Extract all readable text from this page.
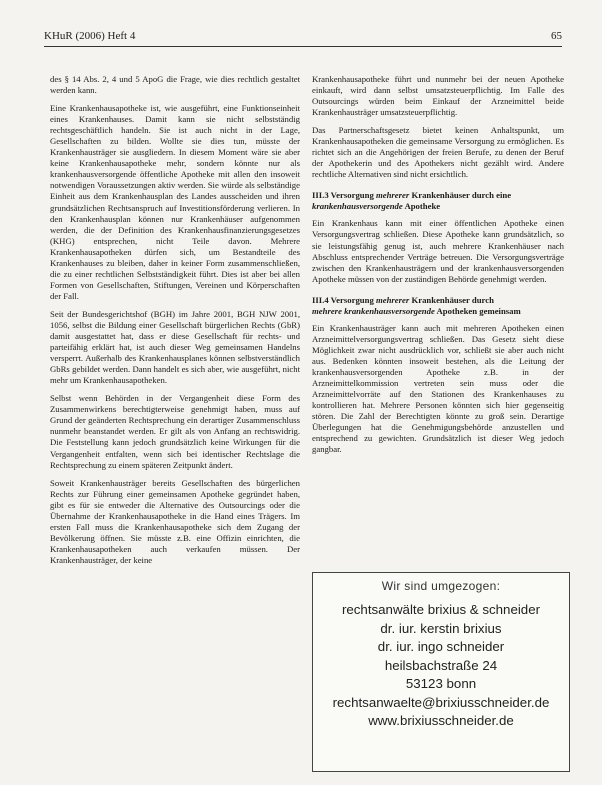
KHuR (2006) Heft 4	65

des § 14 Abs. 2, 4 und 5 ApoG die Frage, wie dies rechtlich gestaltet werden kann.

Eine Krankenhausapotheke ist, wie ausgeführt, eine Funktionseinheit eines Krankenhauses. Damit kann sie nicht selbstständig rechtsgeschäftlich handeln. Sie ist auch nicht in der Lage, Gesellschaften zu bilden. Wollte sie dies tun, müsste der Krankenhausträger sie ausgliedern. In diesem Moment wäre sie aber keine Krankenhausapotheke mehr, sondern könnte nur als krankenhausversorgende öffentliche Apotheke mit allen den insoweit notwendigen Voraussetzungen aktiv werden. Sie würde als selbständige Einheit aus dem Krankenhausplan des Landes ausscheiden und ihren grundsätzlichen Rechtsanspruch auf Investitionsförderung verlieren. In den Krankenhausplan können nur Krankenhäuser aufgenommen werden, die der Definition des Krankenhausfinanzierungsgesetzes (KHG) entsprechen, nicht Teile davon. Mehrere Krankenhausapotheken dürfen sich, um Bestandteile des Krankenhauses zu bleiben, daher in keiner Form zusammenschließen, die zu einer rechtlichen Selbstständigkeit führt. Dies ist aber bei allen Formen von Gesellschaften, Stiftungen, Vereinen und Körperschaften der Fall.

Seit der Bundesgerichtshof (BGH) im Jahre 2001, BGH NJW 2001, 1056, selbst die Bildung einer Gesellschaft bürgerlichen Rechts (GbR) damit ausgestattet hat, dass er diese Gesellschaft für rechts- und parteifähig erklärt hat, ist auch dieser Weg gemeinsamen Handelns versperrt. Außerhalb des Krankenhausplanes können selbstverständlich GbRs gebildet werden. Dann handelt es sich aber, wie ausgeführt, nicht mehr um Krankenhausapotheken.

Selbst wenn Behörden in der Vergangenheit diese Form des Zusammenwirkens berechtigterweise genehmigt haben, muss auf Grund der geänderten Rechtsprechung ein derartiger Zusammenschluss nunmehr beanstandet werden. Er gilt als von Anfang an rechtswidrig. Die Feststellung kann jedoch grundsätzlich keine Wirkungen für die Vergangenheit entfalten, wenn sich bei identischer Rechtslage die Rechtsprechung zu einem späteren Zeitpunkt ändert.

Soweit Krankenhausträger bereits Gesellschaften des bürgerlichen Rechts zur Führung einer gemeinsamen Apotheke gegründet haben, gibt es für sie entweder die Alternative des Outsourcings oder die Übernahme der Krankenhausapotheke in die Hand eines Trägers. Im ersten Fall muss die Krankenhausapotheke sich dem Zugang der Bevölkerung öffnen. Sie müsste z.B. eine Offizin einrichten, die Krankenhausapotheken auch verkaufen müssen. Der Krankenhausträger, der keine

Krankenhausapotheke führt und nunmehr bei der neuen Apotheke einkauft, wird dann selbst umsatzsteuerpflichtig. Im Falle des Outsourcings würden beim Einkauf der Arzneimittel beide Krankenhausträger umsatzsteuerpflichtig.

Das Partnerschaftsgesetz bietet keinen Anhaltspunkt, um Krankenhausapotheken die gemeinsame Versorgung zu ermöglichen. Es richtet sich an die Angehörigen der freien Berufe, zu denen der Beruf der Apothekerin und des Apothekers nicht gezählt wird. Andere rechtliche Alternativen sind nicht ersichtlich.

III.3 Versorgung mehrerer Krankenhäuser durch eine
krankenhausversorgende Apotheke

Ein Krankenhaus kann mit einer öffentlichen Apotheke einen Versorgungsvertrag schließen. Diese Apotheke kann grundsätzlich, so sie leistungsfähig genug ist, auch mehrere Krankenhäuser nach Abschluss entsprechender Verträge betreuen. Die Versorgungsverträge zwischen den Krankenhausträgern und der krankenhausversorgenden Apotheke müssen von der zuständigen Behörde genehmigt werden.

III.4 Versorgung mehrerer Krankenhäuser durch
mehrere krankenhausversorgende Apotheken gemeinsam

Ein Krankenhausträger kann auch mit mehreren Apotheken einen Arzneimittelversorgungsvertrag schließen. Das Gesetz sieht diese Möglichkeit zwar nicht ausdrücklich vor, schließt sie aber auch nicht aus. Bedenken könnten insoweit bestehen, als die Leitung der krankenhausversorgenden Apotheke z.B. in der Arzneimittelkommission vertreten sein muss oder die Arzneimittelvorräte auf den Stationen des Krankenhauses zu kontrollieren hat. Mehrere Personen könnten sich hier gegenseitig stören. Die Zahl der Berechtigten könnte zu groß sein. Derartige Überlegungen hat die Genehmigungsbehörde anzustellen und entsprechend zu gewichten. Grundsätzlich ist dieser Weg jedoch gangbar.

Wir sind umgezogen:
rechtsanwälte brixius & schneider
dr. iur. kerstin brixius
dr. iur. ingo schneider
heilsbachstraße 24
53123 bonn
rechtsanwaelte@brixiusschneider.de
www.brixiusschneider.de
